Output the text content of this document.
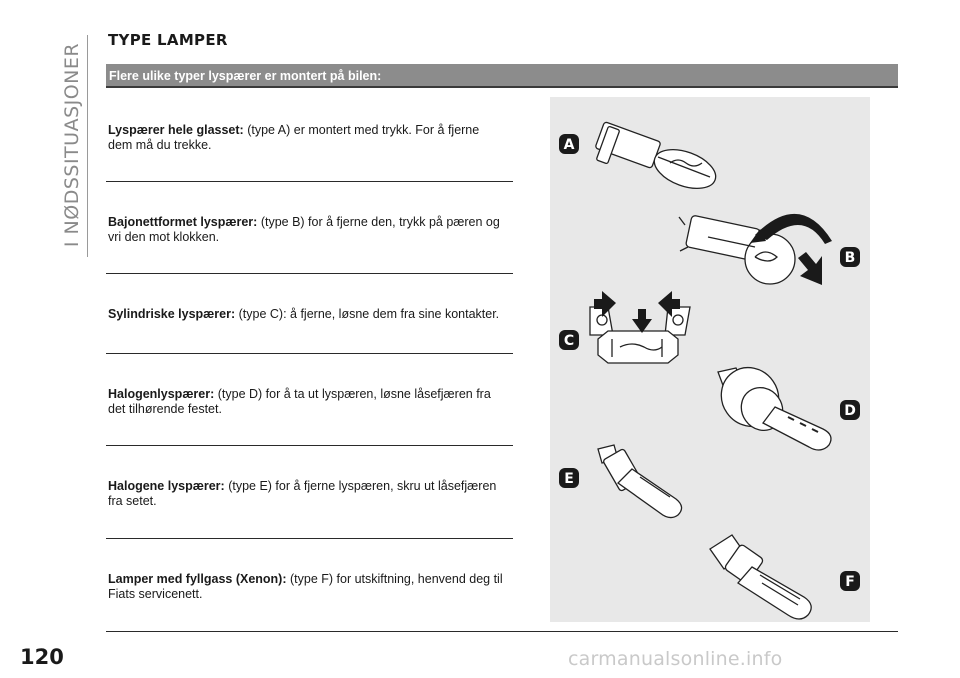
I NØDSSITUASJONER
TYPE LAMPER
Flere ulike typer lyspærer er montert på bilen:
Lyspærer hele glasset: (type A) er montert med trykk. For å fjerne
dem må du trekke.
Bajonettformet lyspærer: (type B) for å fjerne den, trykk på pæren og
vri den mot klokken.
Sylindriske lyspærer: (type C): å fjerne, løsne dem fra sine kontakter.
Halogenlyspærer: (type D) for å ta ut lyspæren, løsne låsefjæren fra
det tilhørende festet.
Halogene lyspærer: (type E) for å fjerne lyspæren, skru ut låsefjæren
fra setet.
Lamper med fyllgass (Xenon): (type F) for utskiftning, henvend deg til
Fiats servicenett.
A
B
C
D
E
F
120	carmanualsonline.info
